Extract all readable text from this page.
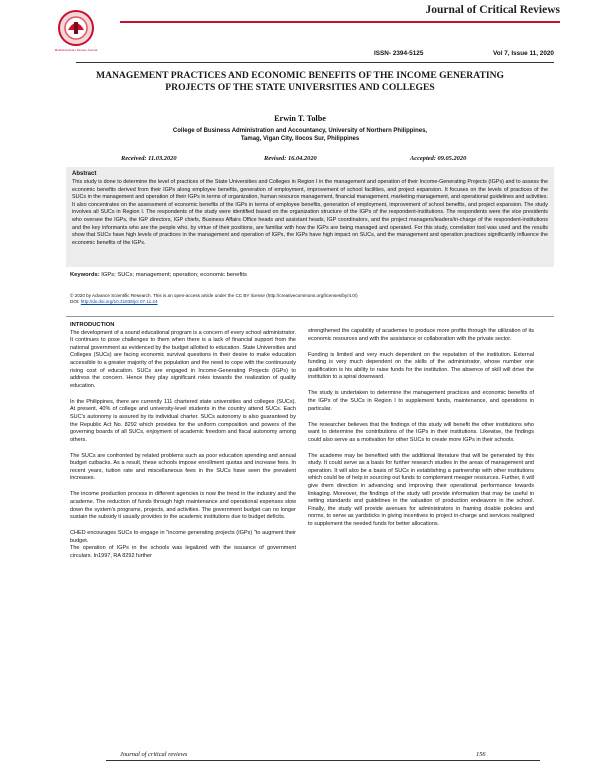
Multidisciplinary Review Journal
Journal of Critical Reviews
ISSN- 2394-5125	Vol 7, Issue 11, 2020
MANAGEMENT PRACTICES AND ECONOMIC BENEFITS OF THE INCOME GENERATING PROJECTS OF THE STATE UNIVERSITIES AND COLLEGES
Erwin T. Tolbe
College of Business Administration and Accountancy, University of Northern Philippines,
Tamag, Vigan City, Ilocos Sur, Philippines
Received: 11.03.2020	Revised: 16.04.2020	Accepted: 09.05.2020
Abstract
This study is done to determine the level of practices of the State Universities and Colleges in Region I in the management and operation of their Income-Generating Projects (IGPs) and to assess the economic benefits derived from their IGPs along employee benefits, generation of employment, improvement of school facilities, and project expansion. It focuses on the levels of practices of the SUCs in the management and operation of their IGPs in terms of organization, human resource management, financial management, marketing management, and operational guidelines and activities. It also concentrates on the assessment of economic benefits of the IGPs in terms of employee benefits, generation of employment, improvement of school benefits, and project expansion. The study involves all SUCs in Region I. The respondents of the study were identified based on the organization structure of the IGPs of the respondent-institutions. The respondents were the vice presidents who oversee the IGPs, the IGP directors, IGP chiefs, Business Affairs Office heads and assistant heads, IGP coordinators, and the project managers/leaders/in-charge of the respondent-institutions and the key informants who are the people who, by virtue of their positions, are familiar with how the IGPs are being managed and operated. For this study, correlation tool was used and the results show that SUCs have high levels of practices in the management and operation of IGPs, the IGPs have high impact on SUCs, and the management and operation practices significantly influence the economic benefits of the IGPs.
Keywords: IGPs; SUCs; management; operation; economic benefits
© 2020 by Advance Scientific Research. This is an open-access article under the CC BY license (http://creativecommons.org/licenses/by/4.0/)
DOI: http://dx.doi.org/10.31838/jcr.07.11.24
INTRODUCTION

The development of a sound educational program is a concern of every school administrator. It continues to pose challenges to them when there is a lack of financial support from the national government as evidenced by the budget allotted to education. State Universities and Colleges (SUCs) are facing economic survival questions in their desire to make education accessible to a greater majority of the population and the need to cope with the continuously rising cost of education. SUCs are engaged in Income-Generating Projects (IGPs) to address the concern. Hence they play significant roles towards the realization of quality education.

In the Philippines, there are currently 111 chartered state universities and colleges (SUCs). At present, 40% of college and university-level students in the country attend SUCs. Each SUC's autonomy is assured by its individual charter. SUCs autonomy is also guaranteed by the Republic Act No. 8292 which provides for the uniform composition and powers of the governing boards of all SUCs, enjoyment of academic freedom and fiscal autonomy among others.

The SUCs are confronted by related problems such as poor education spending and annual budget cutbacks. As a result, these schools impose enrollment quotas and increase fees. In recent years, tuition rate and miscellaneous fees in the SUCs have seen the prevalent increases.

The income production process in different agencies is now the trend in the industry and the academe. The reduction of funds through high maintenance and operational expenses slow down the system's programs, projects, and activities. The government budget can no longer sustain the subsidy it usually provides to the academic institutions due to budget deficits.

CHED encourages SUCs to engage in "income generating projects (IGPs) "to augment their budget.

The operation of IGPs in the schools was legalized with the issuance of government circulars. In1997, RA 8292 further

strengthened the capability of academes to produce more profits through the utilization of its economic resources and with the assistance or collaboration with the private sector.

Funding is limited and very much dependent on the reputation of the institution. External funding is very much dependent on the skills of the administrator, whose number one qualification is his ability to raise funds for the institution. The absence of skill will drive the institution to a spiral downward.

The study is undertaken to determine the management practices and economic benefits of the IGPs of the SUCs in Region I to supplement funds, maintenance, and operations in particular.

The researcher believes that the findings of this study will benefit the other institutions who want to determine the contributions of the IGPs in their institutions. Likewise, the findings could also serve as a motivation for other SUCs to create more IGPs in their schools.

The academe may be benefited with the additional literature that will be generated by this study. It could serve as a basis for further research studies in the areas of management and operation. It will also be a basis of SUCs in establishing a partnership with other institutions which could be of help in sourcing out funds to complement meager resources. Further, it will give them direction in advancing and improving their operational performance towards linkaging. Moreover, the findings of the study will provide information that may be useful in setting standards and guidelines in the valuation of production endeavors in the school. Finally, the study will provide avenues for administrators in framing doable policies and norms, to serve as yardsticks in giving incentives to project in-charge and services realigned to supplement the needed funds for better allocations.

Journal of critical reviews	156
